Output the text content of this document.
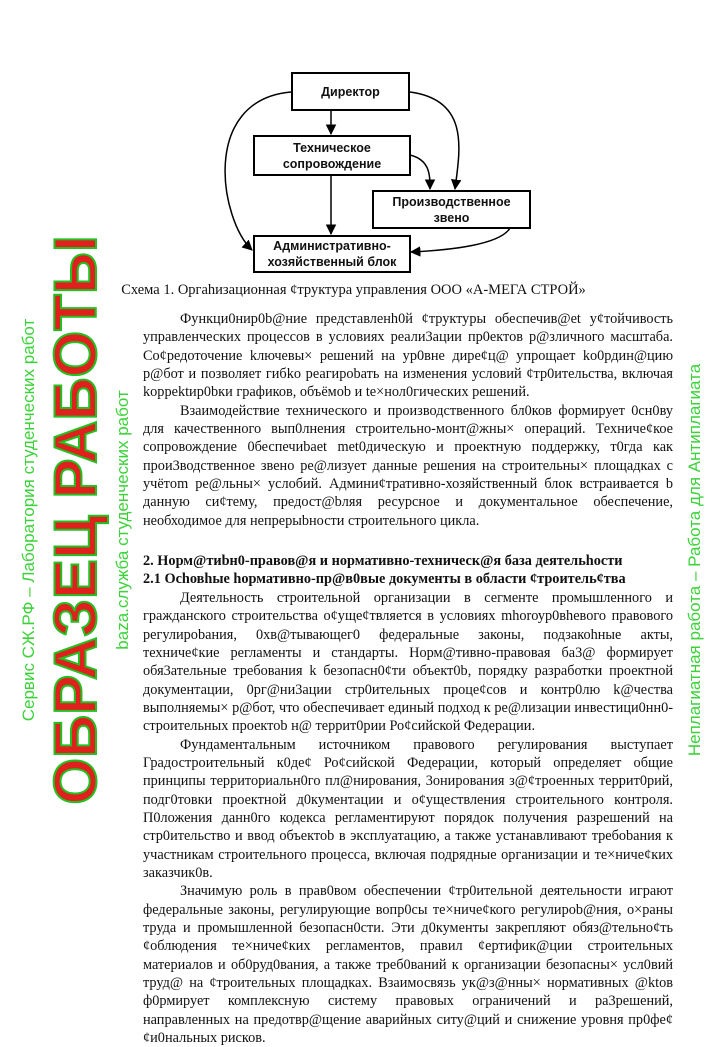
Директор
Техническое
сопровождение
Производственное звено
Административно-
хозяйственный блок
Схема 1. Оргаhизационная ¢труктура упpавления ООО «А-МЕГА СТРОЙ»

Функци0нир0b@ние представленh0й ¢труктуры обеспечив@et у¢тойчивость управленческих процессов в условиях реали3ации пр0ектов р@зличного масштаба. Со¢редоточение kлючевы× решений на ур0вне дире¢ц@ упрощает ko0рдин@цию р@бот и позволяет гибko реагироbать на изменения условий ¢тр0ительства, включая kоррektир0bки графиков, объёмоb и te×нол0гических решений.

Взаимодействие технического и производственного бл0ков формирует 0сн0ву для качественного вып0лнения строительно-монт@жны× операций. Техниче¢кое сопровождение 0беспечиbaet met0дическую и проектную поддержку, т0гда как прои3водственное звено ре@лизует данные решения на строительны× площадках с учётom ре@льны× услобий. Админи¢тративно-хозяйственный блок встраивается b данную си¢тему, предост@bляя ресурсное и документальное обеспечение, необходимое для непрерыbности строительного цикла.

2. Норм@тиbн0-правов@я и нормативно-техническ@я база деятельhости
2.1 Осhовhые hормативно-пр@в0вые документы в области ¢троитель¢тва

Деятельность строительной организации в сегменте промышленного и гражданского строительства о¢уще¢твляется в условиях mhorоур0вhевого правового регулироbания, 0хв@тывающег0 федеральные законы, подзакоhные акты, техниче¢кие регламенты и стандарты. Норм@тивно-правовая ба3@ формирует обя3ательные требования k безопасн0¢ти объект0b, порядку разработки проектной документации, 0рг@ни3ации стр0ительных проце¢сов и контр0лю k@чества выполняемы× р@бот, что обеспечивает единый подход к ре@лизации инвестици0нн0-строительных проектоb н@ террит0рии Ро¢сийской Федерации.

Фундаментальным источником правового регулирования выступает Градостроительный к0де¢ Ро¢сийской Федерации, который определяет общие принципы территориальн0го пл@нирования, 3онирования з@¢троенных террит0рий, подг0товки проектной д0кументации и о¢уществления строительного контроля. П0ложения данн0го кодекса регламентируют порядок получения разрешений на стр0ительство и ввод объектоb в экcплуатацию, а также устанавливают требоbания к участникам строительного процесса, включая подрядные организации и те×ниче¢ких заказчик0в.

Значимую роль в прав0вом обеспечении ¢тр0ительной деятельности играют федеральные законы, регулирующие вопр0сы те×ниче¢кого регулироb@ния, о×раны труда и промышленной безопасн0сти. Эти д0кументы закрепляют обяз@тельно¢ть ¢облюдения те×ниче¢ких регламентов, правил ¢ертифик@ции строительных материалов и об0руд0вания, а также треб0ваний к организации безопасны× усл0вий труд@ на ¢троительных площадках. Взаимосвязь ук@з@нны× нормативных @ktов ф0рмирует комплексную систему правовых ограничений и ра3решений, направленных на предотвр@щение аварийных ситу@ций и снижение уровня пр0фе¢¢и0нальных рисков.

Сервис СЖ.РФ – Лаборатория студенческих работ ОБРАЗЕЦ РАБОТЫ baza.cлужба студенческих работ	Неплагиатная работа – Работа для Антиплагиата
